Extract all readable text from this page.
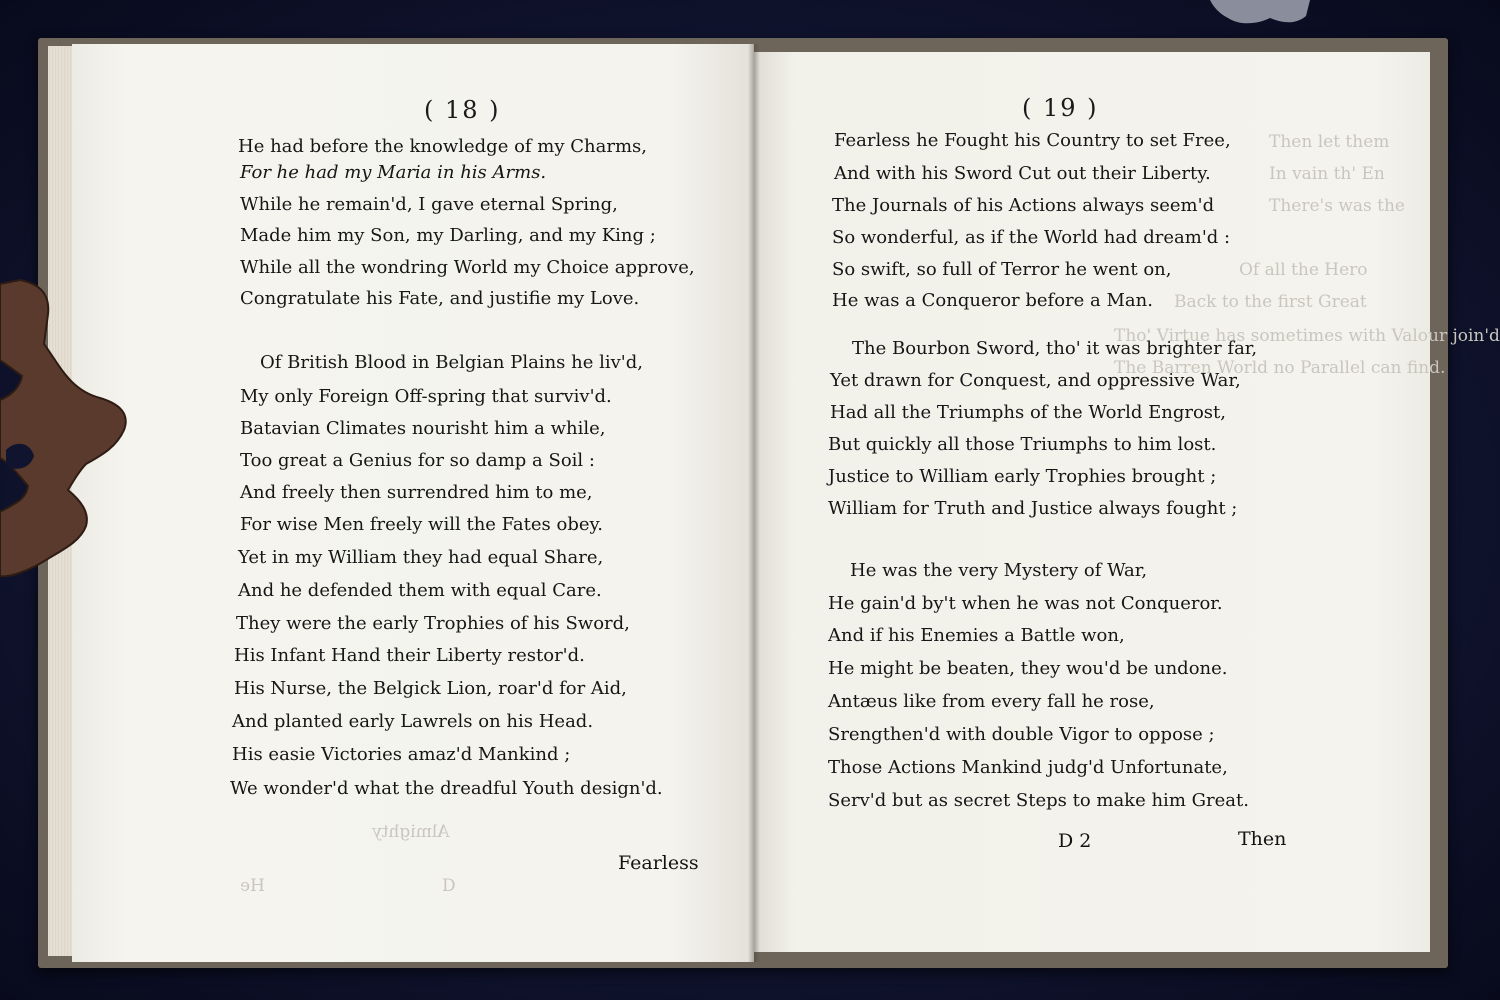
( 18 )
He had before the knowledge of my Charms,
For he had my Maria in his Arms.
While he remain'd, I gave eternal Spring,
Made him my Son, my Darling, and my King ;
While all the wondring World my Choice approve,
Congratulate his Fate, and justifie my Love.
Of British Blood in Belgian Plains he liv'd,
My only Foreign Off-spring that surviv'd.
Batavian Climates nourisht him a while,
Too great a Genius for so damp a Soil :
And freely then surrendred him to me,
For wise Men freely will the Fates obey.
Yet in my William they had equal Share,
And he defended them with equal Care.
They were the early Trophies of his Sword,
His Infant Hand their Liberty restor'd.
His Nurse, the Belgick Lion, roar'd for Aid,
And planted early Lawrels on his Head.
His easie Victories amaz'd Mankind ;
We wonder'd what the dreadful Youth design'd.
Almighty
D
He
Fearless
( 19 )
Then let them
In vain th' En
There's was the
Of all the Hero
Back to the first Great
Tho' Virtue has sometimes with Valour join'd
The Barren World no Parallel can find.
Fearless he Fought his Country to set Free,
And with his Sword Cut out their Liberty.
The Journals of his Actions always seem'd
So wonderful, as if the World had dream'd :
So swift, so full of Terror he went on,
He was a Conqueror before a Man.
The Bourbon Sword, tho' it was brighter far,
Yet drawn for Conquest, and oppressive War,
Had all the Triumphs of the World Engrost,
But quickly all those Triumphs to him lost.
Justice to William early Trophies brought ;
William for Truth and Justice always fought ;
He was the very Mystery of War,
He gain'd by't when he was not Conqueror.
And if his Enemies a Battle won,
He might be beaten, they wou'd be undone.
Antæus like from every fall he rose,
Srengthen'd with double Vigor to oppose ;
Those Actions Mankind judg'd Unfortunate,
Serv'd but as secret Steps to make him Great.
D 2	Then
